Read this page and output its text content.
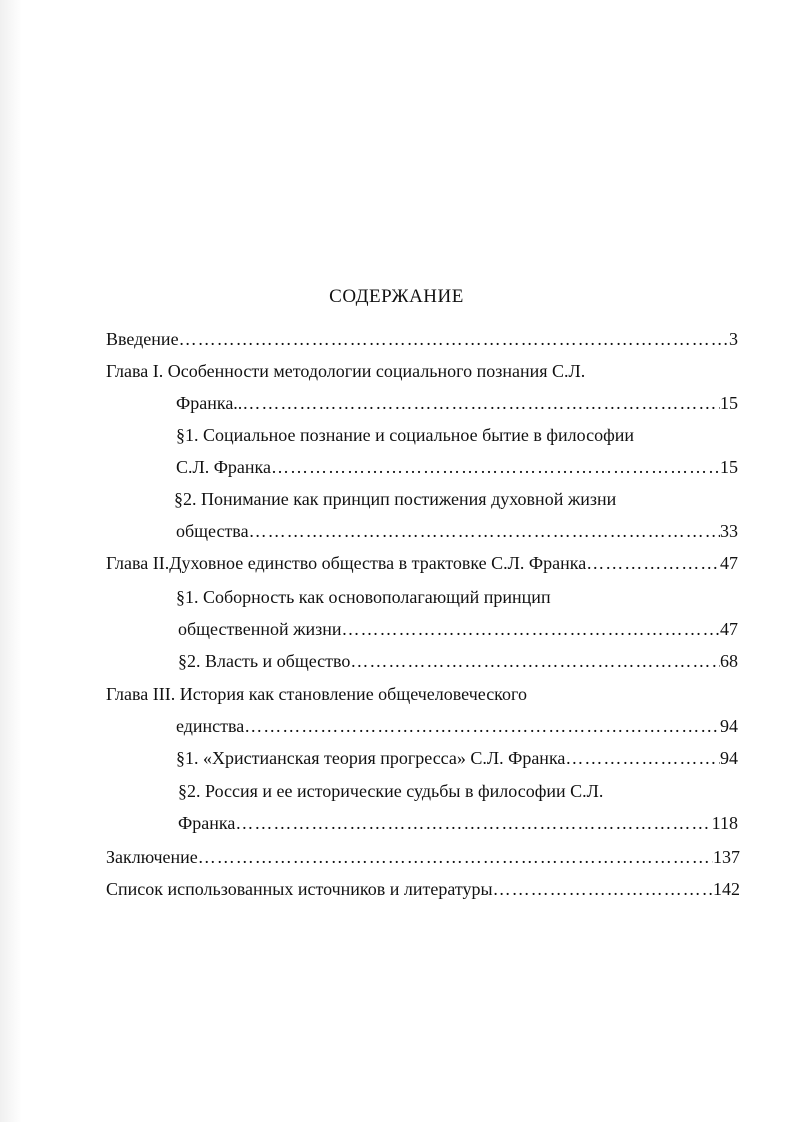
СОДЕРЖАНИЕ
Введение ……………………………………………………………………………………………………………………………………………………………………………………	3
Глава I. Особенности методологии социального познания С.Л.
Франка.. ……………………………………………………………………………………………………………………………………………………………………………………	15
§1. Социальное познание и социальное бытие в философии
С.Л. Франка ……………………………………………………………………………………………………………………………………………………………………………………	15
§2. Понимание как принцип постижения духовной жизни
общества ……………………………………………………………………………………………………………………………………………………………………………………	33
Глава II.Духовное единство общества в трактовке С.Л. Франка ……………………………………………………………………………………………………………………………………………………………………………………	47
§1. Соборность как основополагающий принцип
общественной жизни ……………………………………………………………………………………………………………………………………………………………………………………	47
§2. Власть и общество ……………………………………………………………………………………………………………………………………………………………………………………	68
Глава III. История как становление общечеловеческого
единства ……………………………………………………………………………………………………………………………………………………………………………………	94
§1. «Христианская теория прогресса» С.Л. Франка ……………………………………………………………………………………………………………………………………………………………………………………	94
§2. Россия и ее исторические судьбы в философии С.Л.
Франка ……………………………………………………………………………………………………………………………………………………………………………………	118
Заключение ……………………………………………………………………………………………………………………………………………………………………………………	137
Список использованных источников и литературы ……………………………………………………………………………………………………………………………………………………………………………………	142
